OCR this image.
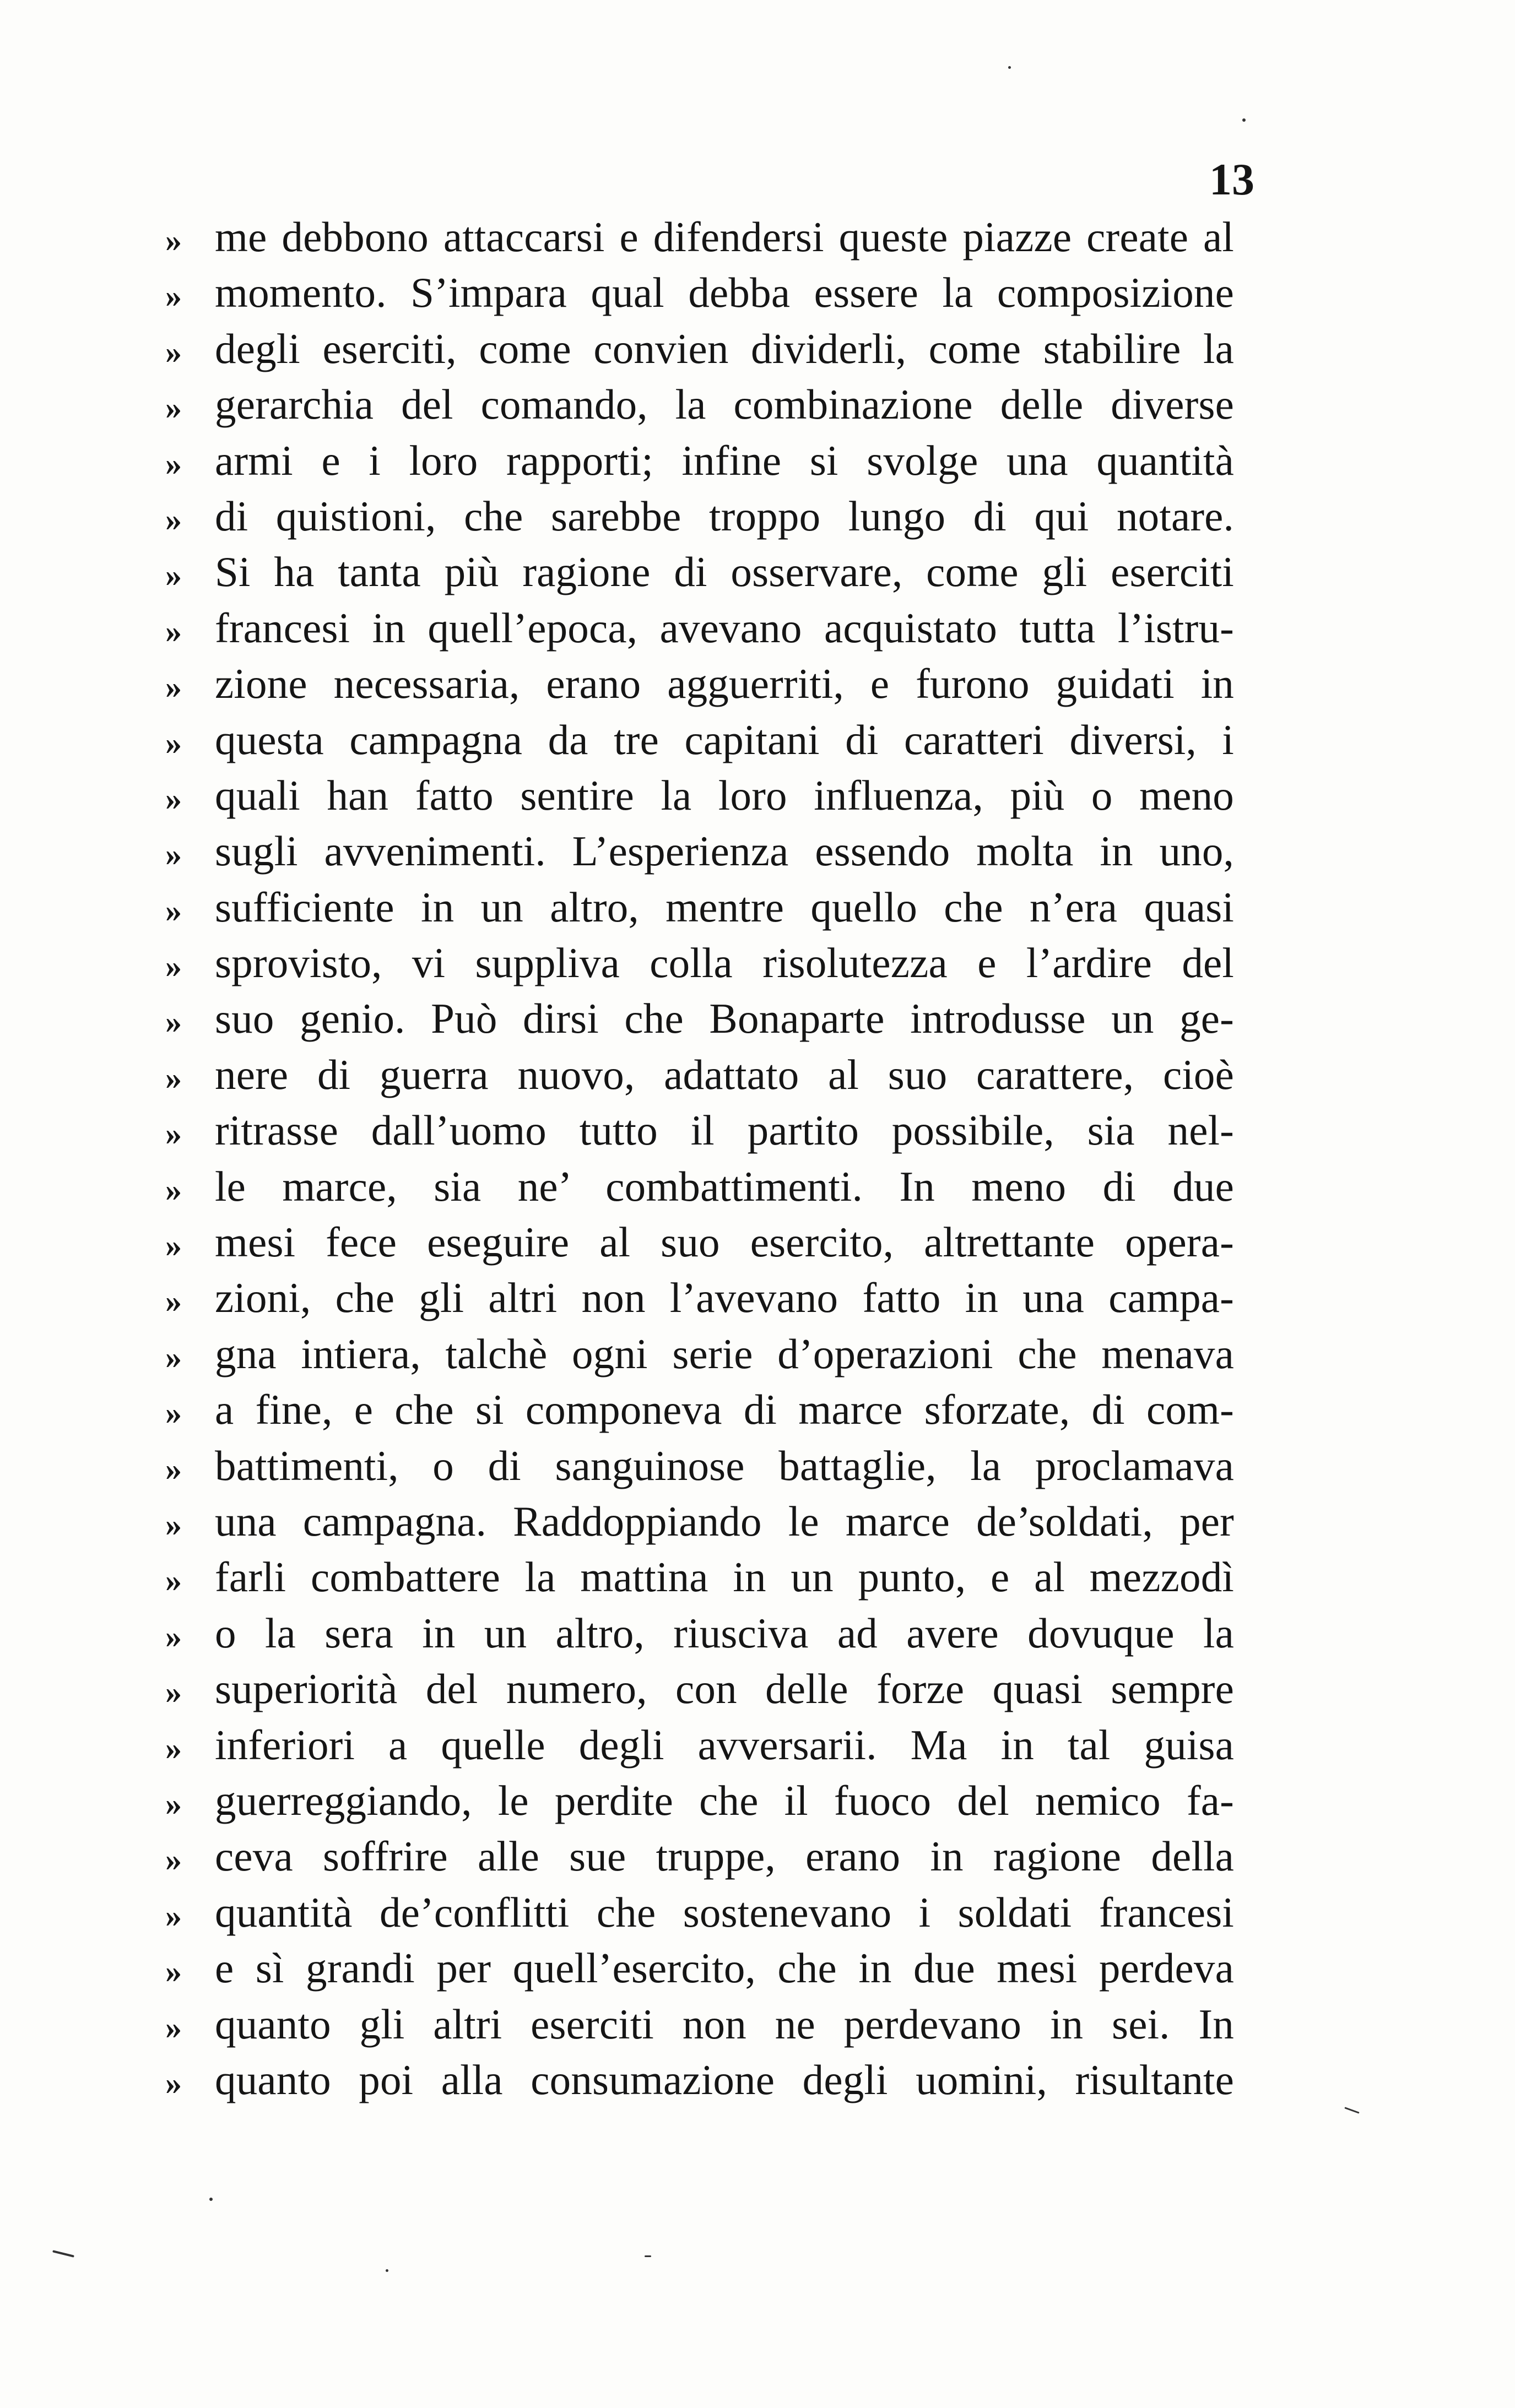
13
» me debbono attaccarsi e difendersi queste piazze create al
» momento. S’impara qual debba essere la composizione
» degli eserciti, come convien dividerli, come stabilire la
» gerarchia del comando, la combinazione delle diverse
» armi e i loro rapporti; infine si svolge una quantità
» di quistioni, che sarebbe troppo lungo di qui notare.
» Si ha tanta più ragione di osservare, come gli eserciti
» francesi in quell’epoca, avevano acquistato tutta l’istru-
» zione necessaria, erano agguerriti, e furono guidati in
» questa campagna da tre capitani di caratteri diversi, i
» quali han fatto sentire la loro influenza, più o meno
» sugli avvenimenti. L’esperienza essendo molta in uno,
» sufficiente in un altro, mentre quello che n’era quasi
» sprovisto, vi suppliva colla risolutezza e l’ardire del
» suo genio. Può dirsi che Bonaparte introdusse un ge-
» nere di guerra nuovo, adattato al suo carattere, cioè
» ritrasse dall’uomo tutto il partito possibile, sia nel-
» le marce, sia ne’ combattimenti. In meno di due
» mesi fece eseguire al suo esercito, altrettante opera-
» zioni, che gli altri non l’avevano fatto in una campa-
» gna intiera, talchè ogni serie d’operazioni che menava
» a fine, e che si componeva di marce sforzate, di com-
» battimenti, o di sanguinose battaglie, la proclamava
» una campagna. Raddoppiando le marce de’soldati, per
» farli combattere la mattina in un punto, e al mezzodì
» o la sera in un altro, riusciva ad avere dovuque la
» superiorità del numero, con delle forze quasi sempre
» inferiori a quelle degli avversarii. Ma in tal guisa
» guerreggiando, le perdite che il fuoco del nemico fa-
» ceva soffrire alle sue truppe, erano in ragione della
» quantità de’conflitti che sostenevano i soldati francesi
» e sì grandi per quell’esercito, che in due mesi perdeva
» quanto gli altri eserciti non ne perdevano in sei. In
» quanto poi alla consumazione degli uomini, risultante
